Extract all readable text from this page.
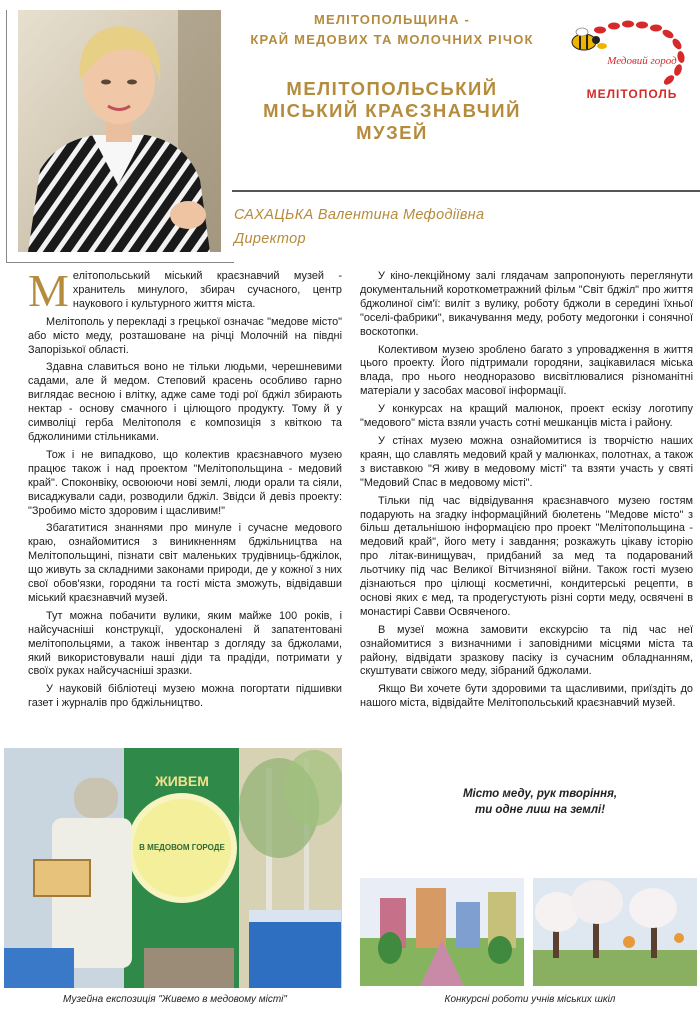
МЕЛІТОПОЛЬЩИНА -
КРАЙ МЕДОВИХ ТА МОЛОЧНИХ РІЧОК
МЕЛІТОПОЛЬСЬКИЙ
МІСЬКИЙ КРАЄЗНАВЧИЙ
МУЗЕЙ
Медовий город
МЕЛІТОПОЛЬ
САХАЦЬКА Валентина Мефодіївна
Директор

Мелітопольський міський краєзнавчий музей - хранитель минулого, збирач сучасного, центр наукового і культурного життя міста.

Мелітополь у перекладі з грецької означає "медове місто" або місто меду, розташоване на річці Молочній на півдні Запорізької області.

Здавна славиться воно не тільки людьми, черешневими садами, але й медом. Степовий красень особливо гарно виглядає весною і влітку, адже саме тоді рої бджіл збирають нектар - основу смачного і цілющого продукту. Тому й у символіці герба Мелітополя є композиція з квіткою та бджолиними стільниками.

Тож і не випадково, що колектив краєзнавчого музею працює також і над проектом "Мелітопольщина - медовий край". Споконвіку, освоюючи нові землі, люди орали та сіяли, висаджували сади, розводили бджіл. Звідси й девіз проекту: "Зробимо місто здоровим і щасливим!"

Збагатитися знаннями про минуле і сучасне медового краю, ознайомитися з виникненням бджільництва на Мелітопольщині, пізнати світ маленьких трудівниць-бджілок, що живуть за складними законами природи, де у кожної з них свої обов'язки, городяни та гості міста зможуть, відвідавши міський краєзнавчий музей.

Тут можна побачити вулики, яким майже 100 років, і найсучасніші конструкції, удосконалені й запатентовані мелітопольцями, а також інвентар з догляду за бджолами, який використовували наші діди та прадіди, потримати у своїх руках найсучасніші зразки.

У науковій бібліотеці музею можна погортати підшивки газет і журналів про бджільництво.

У кіно-лекційному залі глядачам запропонують переглянути документальний короткометражний фільм "Світ бджіл" про життя бджолиної сім'ї: виліт з вулику, роботу бджоли в середині їхньої "оселі-фабрики", викачування меду, роботу медогонки і сонячної воскотопки.

Колективом музею зроблено багато з упровадження в життя цього проекту. Його підтримали городяни, зацікавилася міська влада, про нього неодноразово висвітлювалися різноманітні матеріали у засобах масової інформації.

У конкурсах на кращий малюнок, проект ескізу логотипу "медового" міста взяли участь сотні мешканців міста і району.

У стінах музею можна ознайомитися із творчістю наших краян, що славлять медовий край у малюнках, полотнах, а також з виставкою "Я живу в медовому місті" та взяти участь у святі "Медовий Спас в медовому місті".

Тільки під час відвідування краєзнавчого музею гостям подарують на згадку інформаційний бюлетень "Медове місто" з більш детальнішою інформацією про проект "Мелітопольщина - медовий край", його мету і завдання; розкажуть цікаву історію про літак-винищувач, придбаний за мед та подарований льотчику під час Великої Вітчизняної війни. Також гості музею дізнаються про цілющі косметичні, кондитерські рецепти, в основі яких є мед, та продегустують різні сорти меду, освячені в монастирі Савви Освяченого.

В музеї можна замовити екскурсію та під час неї ознайомитися з визначними і заповідними місцями міста та району, відвідати зразкову пасіку із сучасним обладнанням, скуштувати свіжого меду, зібраний бджолами.

Якщо Ви хочете бути здоровими та щасливими, приїздіть до нашого міста, відвідайте Мелітопольський краєзнавчий музей.

Місто меду, рук творіння,
ти одне лиш на землі!
ЖИВЕМ
В МЕДОВОМ ГОРОДЕ
Музейна експозиція "Живемо в медовому місті"	Конкурсні роботи учнів міських шкіл
